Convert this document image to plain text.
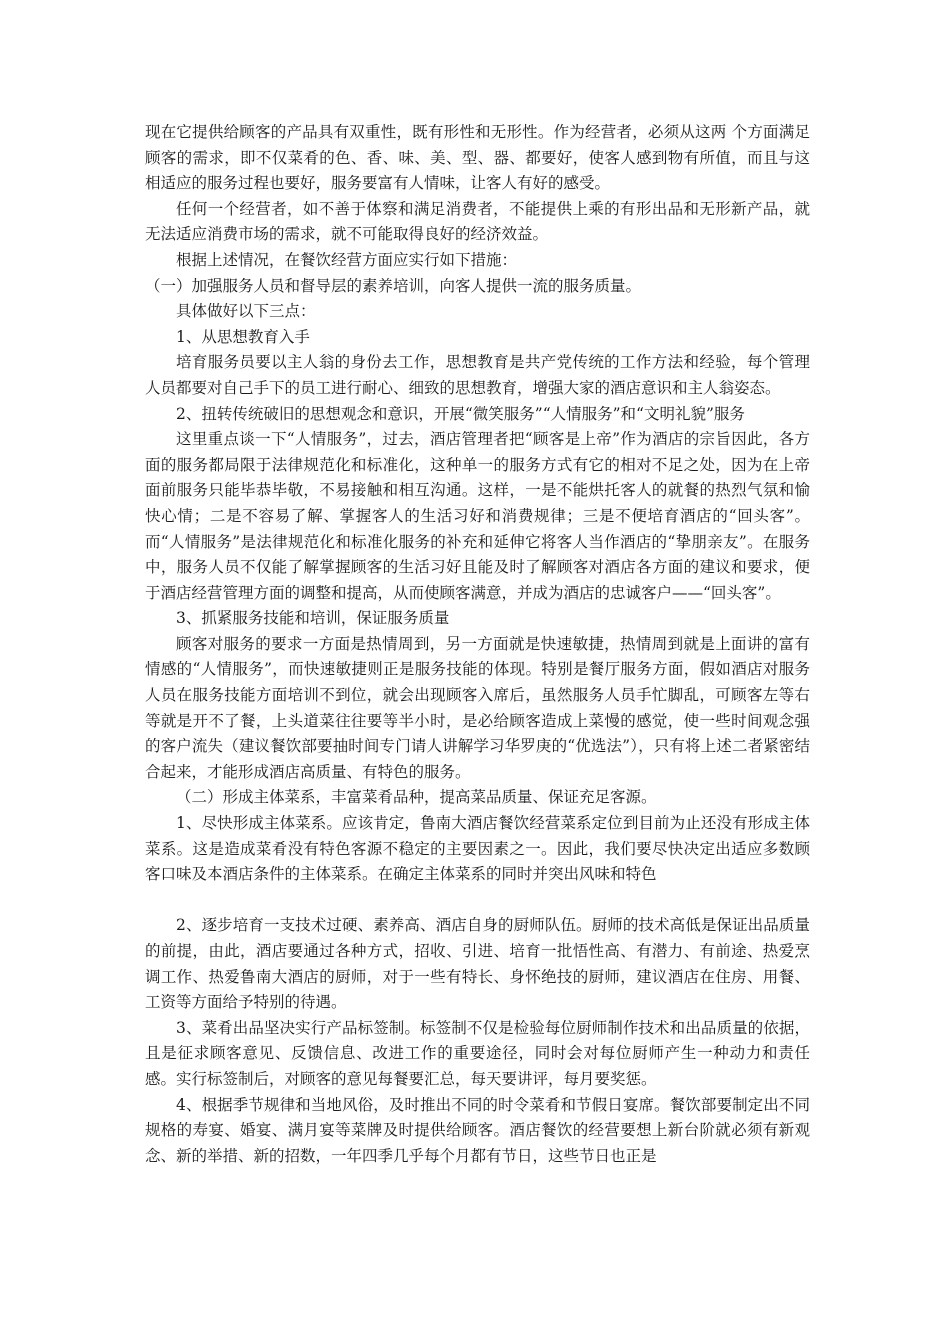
现在它提供给顾客的产品具有双重性，既有形性和无形性。作为经营者，必须从这两 个方面满足顾客的需求，即不仅菜肴的色、香、味、美、型、器、都要好，使客人感到物有所值，而且与这相适应的服务过程也要好，服务要富有人情味，让客人有好的感受。

任何一个经营者，如不善于体察和满足消费者，不能提供上乘的有形出品和无形新产品，就无法适应消费市场的需求，就不可能取得良好的经济效益。

根据上述情况，在餐饮经营方面应实行如下措施：

（一）加强服务人员和督导层的素养培训，向客人提供一流的服务质量。

具体做好以下三点：

1、从思想教育入手

培育服务员要以主人翁的身份去工作，思想教育是共产党传统的工作方法和经验，每个管理人员都要对自己手下的员工进行耐心、细致的思想教育，增强大家的酒店意识和主人翁姿态。

2、扭转传统破旧的思想观念和意识，开展“微笑服务”“人情服务”和“文明礼貌”服务

这里重点谈一下“人情服务”，过去，酒店管理者把“顾客是上帝”作为酒店的宗旨因此，各方面的服务都局限于法律规范化和标准化，这种单一的服务方式有它的相对不足之处，因为在上帝面前服务只能毕恭毕敬，不易接触和相互沟通。这样，一是不能烘托客人的就餐的热烈气氛和愉快心情；二是不容易了解、掌握客人的生活习好和消费规律；三是不便培育酒店的“回头客”。而“人情服务”是法律规范化和标准化服务的补充和延伸它将客人当作酒店的“挚朋亲友”。在服务中，服务人员不仅能了解掌握顾客的生活习好且能及时了解顾客对酒店各方面的建议和要求，便于酒店经营管理方面的调整和提高，从而使顾客满意，并成为酒店的忠诚客户——“回头客”。

3、抓紧服务技能和培训，保证服务质量

顾客对服务的要求一方面是热情周到，另一方面就是快速敏捷，热情周到就是上面讲的富有情感的“人情服务”，而快速敏捷则正是服务技能的体现。特别是餐厅服务方面，假如酒店对服务人员在服务技能方面培训不到位，就会出现顾客入席后，虽然服务人员手忙脚乱，可顾客左等右等就是开不了餐，上头道菜往往要等半小时，是必给顾客造成上菜慢的感觉，使一些时间观念强的客户流失（建议餐饮部要抽时间专门请人讲解学习华罗庚的“优选法”），只有将上述二者紧密结合起来，才能形成酒店高质量、有特色的服务。

（二）形成主体菜系，丰富菜肴品种，提高菜品质量、保证充足客源。

1、尽快形成主体菜系。应该肯定，鲁南大酒店餐饮经营菜系定位到目前为止还没有形成主体菜系。这是造成菜肴没有特色客源不稳定的主要因素之一。因此，我们要尽快决定出适应多数顾客口味及本酒店条件的主体菜系。在确定主体菜系的同时并突出风味和特色

2、逐步培育一支技术过硬、素养高、酒店自身的厨师队伍。厨师的技术高低是保证出品质量的前提，由此，酒店要通过各种方式，招收、引进、培育一批悟性高、有潜力、有前途、热爱烹调工作、热爱鲁南大酒店的厨师，对于一些有特长、身怀绝技的厨师，建议酒店在住房、用餐、工资等方面给予特别的待遇。

3、菜肴出品坚决实行产品标签制。标签制不仅是检验每位厨师制作技术和出品质量的依据，且是征求顾客意见、反馈信息、改进工作的重要途径，同时会对每位厨师产生一种动力和责任感。实行标签制后，对顾客的意见每餐要汇总，每天要讲评，每月要奖惩。

4、根据季节规律和当地风俗，及时推出不同的时令菜肴和节假日宴席。餐饮部要制定出不同规格的寿宴、婚宴、满月宴等菜牌及时提供给顾客。酒店餐饮的经营要想上新台阶就必须有新观念、新的举措、新的招数，一年四季几乎每个月都有节日，这些节日也正是
